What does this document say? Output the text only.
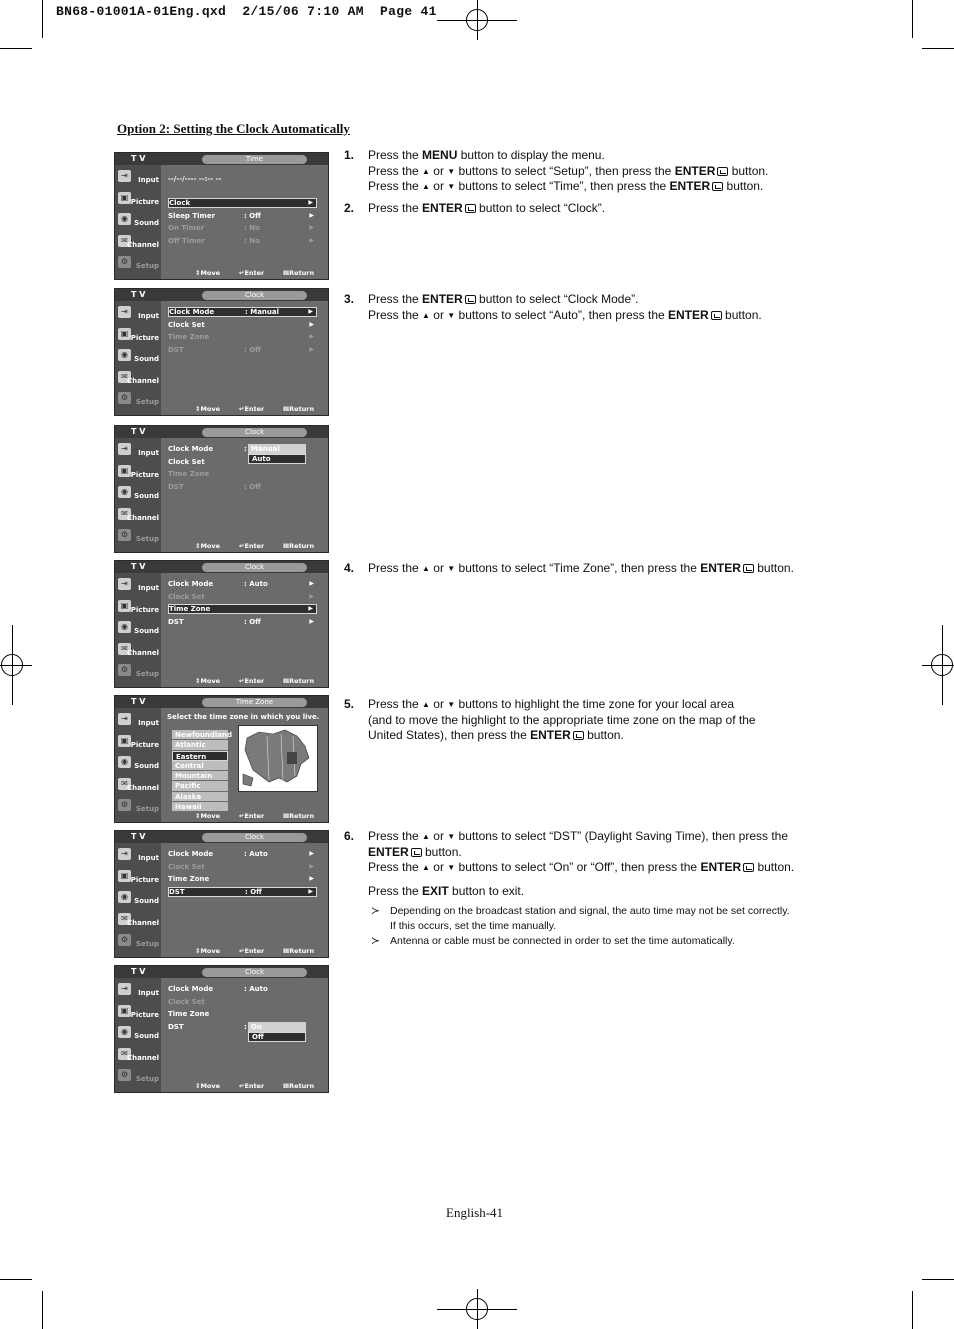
BN68-01001A-01Eng.qxd  2/15/06 7:10 AM  Page 41
Option 2: Setting the Clock Automatically
T V	Time
⇥	Input
▣ Picture
◉ Sound
✉ Channel
⚙	Setup
--/--/---- --:-- --
Clock	▶
Sleep Timer	: Off	▶
On Timer	: No	▶
Off Timer	: No	▶
⇕Move	↵Enter	ⅢReturn
T V	Clock
⇥	Input
▣ Picture
◉ Sound
✉ Channel
⚙	Setup
Clock Mode	: Manual	▶
Clock Set	▶
Time Zone	▶
DST	: Off	▶
⇕Move	↵Enter	ⅢReturn
T V	Clock
⇥	Input
▣ Picture
◉ Sound
✉ Channel
⚙	Setup
Clock Mode	:
Clock Set
Time Zone
DST	: Off
Manual
Auto
⇕Move	↵Enter	ⅢReturn
T V	Clock
⇥	Input
▣ Picture
◉ Sound
✉ Channel
⚙	Setup
Clock Mode	: Auto	▶
Clock Set	▶
Time Zone	▶
DST	: Off	▶
⇕Move	↵Enter	ⅢReturn
T V	Time Zone
⇥	Input
▣ Picture
◉ Sound
✉ Channel
⚙	Setup
Select the time zone in which you live.
Newfoundland
Atlantic
Eastern
Central
Mountain
Pacific
Alaska
Hawaii
⇕Move	↵Enter	ⅢReturn
T V	Clock
⇥	Input
▣ Picture
◉ Sound
✉ Channel
⚙	Setup
Clock Mode	: Auto	▶
Clock Set	▶
Time Zone	▶
DST	: Off	▶
⇕Move	↵Enter	ⅢReturn
T V	Clock
⇥	Input
▣ Picture
◉ Sound
✉ Channel
⚙	Setup
Clock Mode	: Auto
Clock Set
Time Zone
DST	: On
Off
⇕Move	↵Enter	ⅢReturn
1. Press the MENU button to display the menu.
Press the ▲ or ▼ buttons to select “Setup”, then press the ENTER button.
Press the ▲ or ▼ buttons to select “Time”, then press the ENTER button.
2. Press the ENTER button to select “Clock”.
3. Press the ENTER button to select “Clock Mode”.
Press the ▲ or ▼ buttons to select “Auto”, then press the ENTER button.
4. Press the ▲ or ▼ buttons to select “Time Zone”, then press the ENTER button.
5. Press the ▲ or ▼ buttons to highlight the time zone for your local area
(and to move the highlight to the appropriate time zone on the map of the
United States), then press the ENTER button.
6. Press the ▲ or ▼ buttons to select “DST” (Daylight Saving Time), then press the
ENTER button.
Press the ▲ or ▼ buttons to select “On” or “Off”, then press the ENTER button.
Press the EXIT button to exit.
≻ Depending on the broadcast station and signal, the auto time may not be set correctly.
If this occurs, set the time manually.
≻ Antenna or cable must be connected in order to set the time automatically.
English-41
